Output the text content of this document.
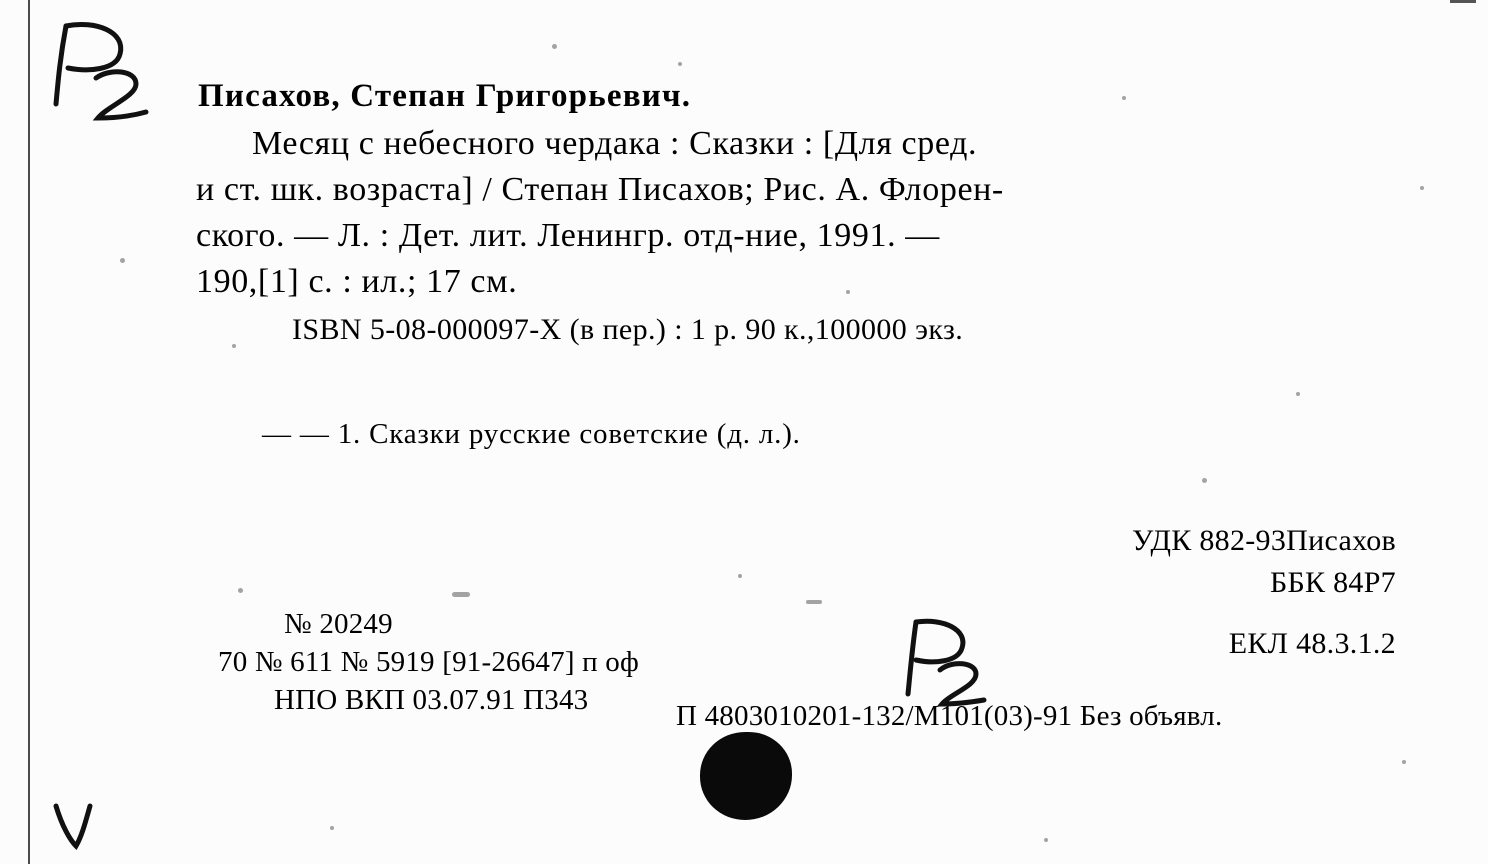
Писахов, Степан Григорьевич.
Месяц с небесного чердака : Сказки : [Для сред.
и ст. шк. возраста] / Степан Писахов; Рис. А. Флорен-
ского. — Л. : Дет. лит. Ленингр. отд-ние, 1991. —
190,[1] с. : ил.; 17 см.
ISBN 5-08-000097-X (в пер.) : 1 р. 90 к.,100000 экз.
— — 1. Сказки русские советские (д. л.).
УДК 882-93Писахов
ББК 84Р7
ЕКЛ 48.3.1.2
№ 20249
70 № 611 № 5919 [91-26647] п оф
НПО ВКП 03.07.91 П343	П 4803010201-132/М101(03)-91 Без объявл.
